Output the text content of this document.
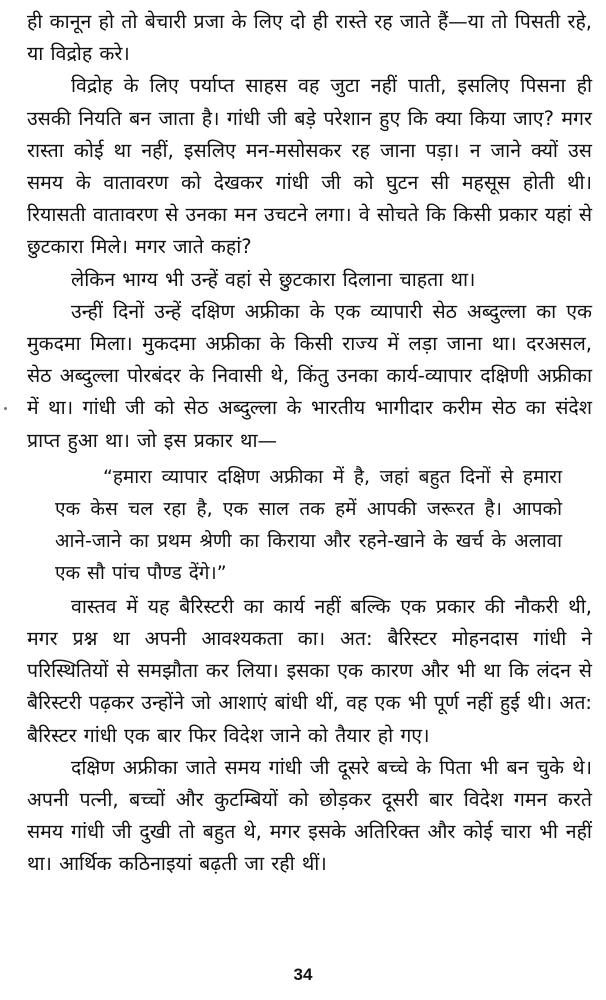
ही कानून हो तो बेचारी प्रजा के लिए दो ही रास्ते रह जाते हैं—या तो पिसती रहे, या विद्रोह करे।

विद्रोह के लिए पर्याप्त साहस वह जुटा नहीं पाती, इसलिए पिसना ही उसकी नियति बन जाता है। गांधी जी बड़े परेशान हुए कि क्या किया जाए? मगर रास्ता कोई था नहीं, इसलिए मन-मसोसकर रह जाना पड़ा। न जाने क्यों उस समय के वातावरण को देखकर गांधी जी को घुटन सी महसूस होती थी। रियासती वातावरण से उनका मन उचटने लगा। वे सोचते कि किसी प्रकार यहां से छुटकारा मिले। मगर जाते कहां?

लेकिन भाग्य भी उन्हें वहां से छुटकारा दिलाना चाहता था।

उन्हीं दिनों उन्हें दक्षिण अफ्रीका के एक व्यापारी सेठ अब्दुल्ला का एक मुकदमा मिला। मुकदमा अफ्रीका के किसी राज्य में लड़ा जाना था। दरअसल, सेठ अब्दुल्ला पोरबंदर के निवासी थे, किंतु उनका कार्य-व्यापार दक्षिणी अफ्रीका में था। गांधी जी को सेठ अब्दुल्ला के भारतीय भागीदार करीम सेठ का संदेश प्राप्त हुआ था। जो इस प्रकार था—

“हमारा व्यापार दक्षिण अफ्रीका में है, जहां बहुत दिनों से हमारा एक केस चल रहा है, एक साल तक हमें आपकी जरूरत है। आपको आने-जाने का प्रथम श्रेणी का किराया और रहने-खाने के खर्च के अलावा एक सौ पांच पौण्ड देंगे।”

वास्तव में यह बैरिस्टरी का कार्य नहीं बल्कि एक प्रकार की नौकरी थी, मगर प्रश्न था अपनी आवश्यकता का। अत: बैरिस्टर मोहनदास गांधी ने परिस्थितियों से समझौता कर लिया। इसका एक कारण और भी था कि लंदन से बैरिस्टरी पढ़कर उन्होंने जो आशाएं बांधी थीं, वह एक भी पूर्ण नहीं हुई थी। अत: बैरिस्टर गांधी एक बार फिर विदेश जाने को तैयार हो गए।

दक्षिण अफ्रीका जाते समय गांधी जी दूसरे बच्चे के पिता भी बन चुके थे। अपनी पत्नी, बच्चों और कुटम्बियों को छोड़कर दूसरी बार विदेश गमन करते समय गांधी जी दुखी तो बहुत थे, मगर इसके अतिरिक्त और कोई चारा भी नहीं था। आर्थिक कठिनाइयां बढ़ती जा रही थीं।

34
